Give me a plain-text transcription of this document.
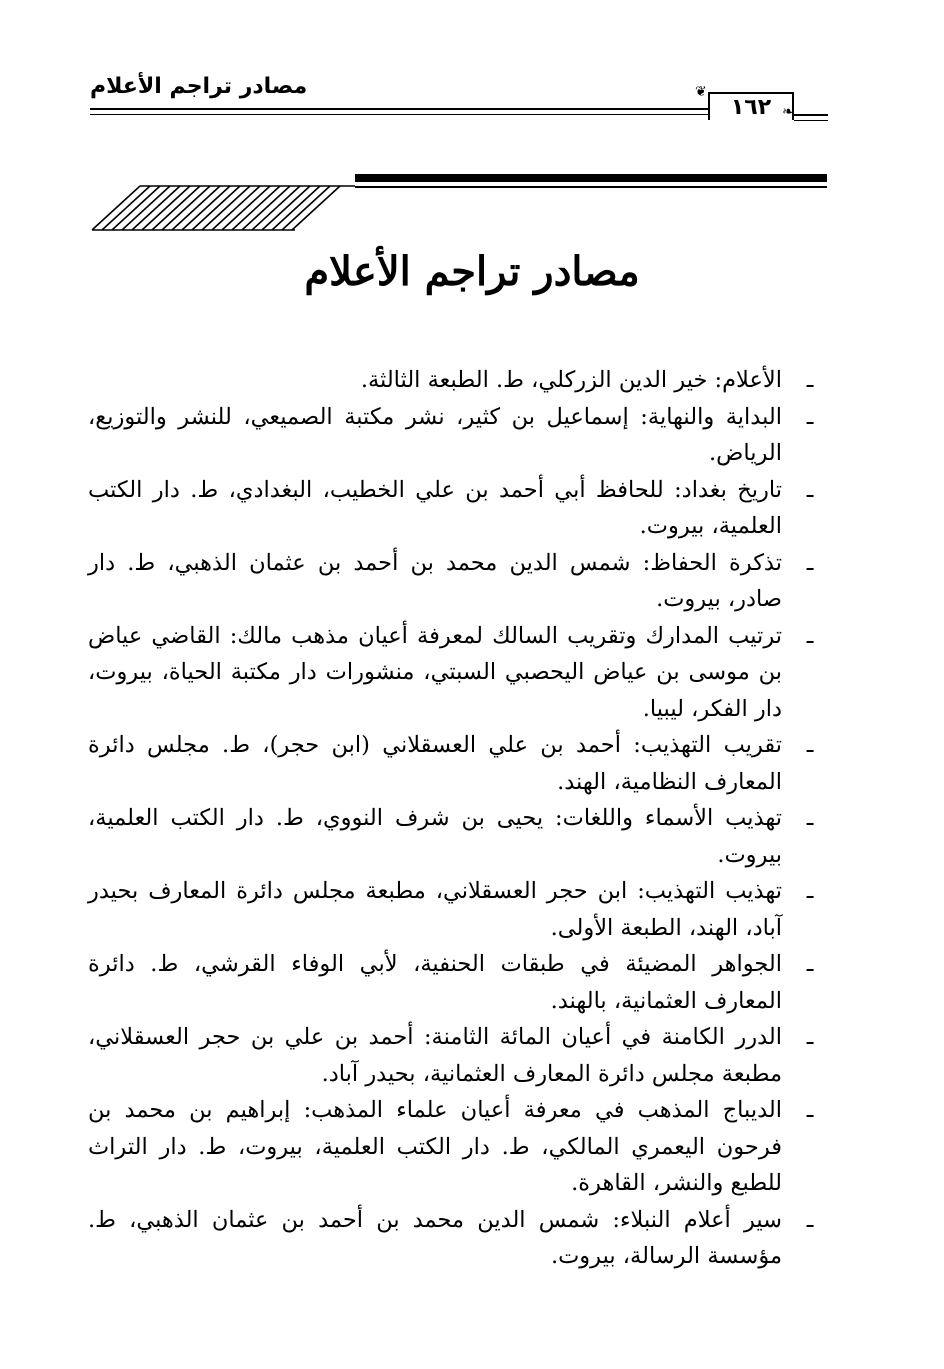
مصادر تراجم الأعلام	❦
١٦٢ ❧
مصادر تراجم الأعلام
ـ
الأعلام: خير الدين الزركلي، ط. الطبعة الثالثة.
ـ
البداية والنهاية: إسماعيل بن كثير، نشر مكتبة الصميعي، للنشر والتوزيع، الرياض.
ـ
تاريخ بغداد: للحافظ أبي أحمد بن علي الخطيب، البغدادي، ط. دار الكتب العلمية، بيروت.
ـ
تذكرة الحفاظ: شمس الدين محمد بن أحمد بن عثمان الذهبي، ط. دار صادر، بيروت.
ـ
ترتيب المدارك وتقريب السالك لمعرفة أعيان مذهب مالك: القاضي عياض بن موسى بن عياض اليحصبي السبتي، منشورات دار مكتبة الحياة، بيروت، دار الفكر، ليبيا.
ـ
تقريب التهذيب: أحمد بن علي العسقلاني (ابن حجر)، ط. مجلس دائرة المعارف النظامية، الهند.
ـ
تهذيب الأسماء واللغات: يحيى بن شرف النووي، ط. دار الكتب العلمية، بيروت.
ـ
تهذيب التهذيب: ابن حجر العسقلاني، مطبعة مجلس دائرة المعارف بحيدر آباد، الهند، الطبعة الأولى.
ـ
الجواهر المضيئة في طبقات الحنفية، لأبي الوفاء القرشي، ط. دائرة المعارف العثمانية، بالهند.
ـ
الدرر الكامنة في أعيان المائة الثامنة: أحمد بن علي بن حجر العسقلاني، مطبعة مجلس دائرة المعارف العثمانية، بحيدر آباد.
ـ
الديباج المذهب في معرفة أعيان علماء المذهب: إبراهيم بن محمد بن فرحون اليعمري المالكي، ط. دار الكتب العلمية، بيروت، ط. دار التراث للطبع والنشر، القاهرة.
ـ
سير أعلام النبلاء: شمس الدين محمد بن أحمد بن عثمان الذهبي، ط. مؤسسة الرسالة، بيروت.
